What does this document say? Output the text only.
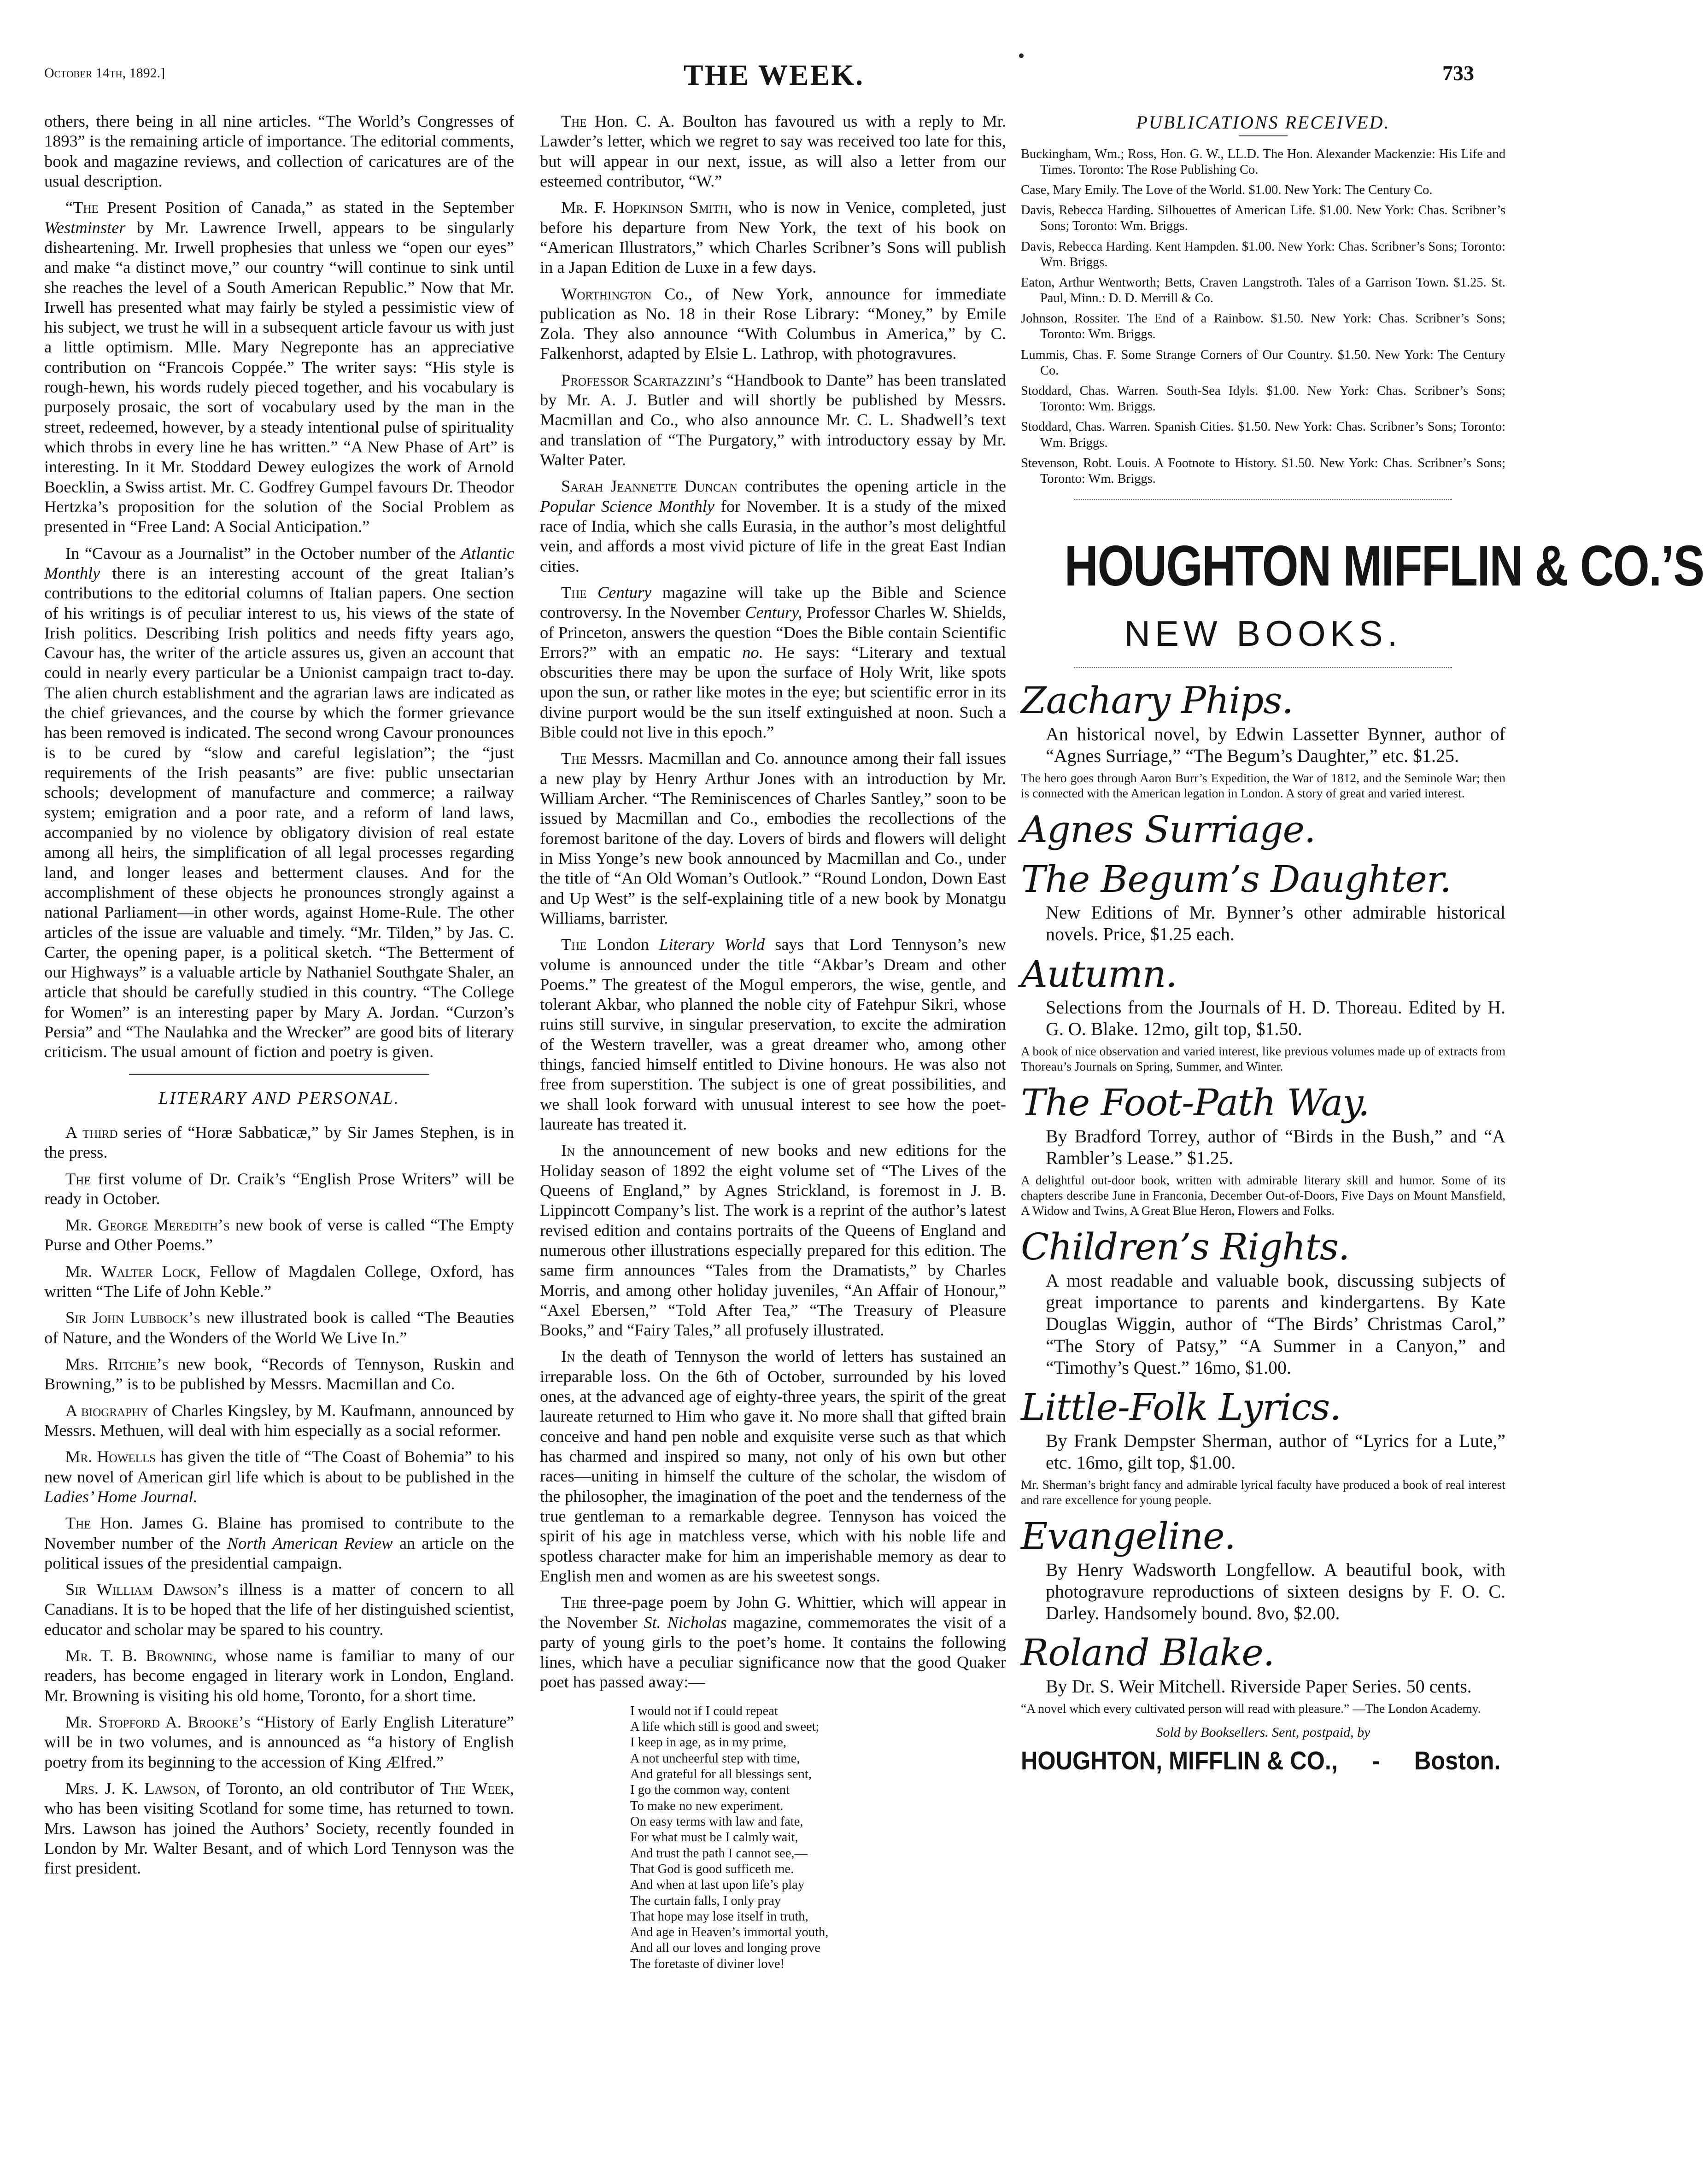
October 14th, 1892.]	THE WEEK.	733

others, there being in all nine articles. “The World’s Congresses of 1893” is the remaining article of importance. The editorial comments, book and magazine reviews, and collection of caricatures are of the usual description.

“The Present Position of Canada,” as stated in the September Westminster by Mr. Lawrence Irwell, appears to be singularly disheartening. Mr. Irwell prophesies that unless we “open our eyes” and make “a distinct move,” our country “will continue to sink until she reaches the level of a South American Republic.” Now that Mr. Irwell has presented what may fairly be styled a pessimistic view of his subject, we trust he will in a subsequent article favour us with just a little optimism. Mlle. Mary Negreponte has an appreciative contribution on “Francois Coppée.” The writer says: “His style is rough-hewn, his words rudely pieced together, and his vocabulary is purposely prosaic, the sort of vocabulary used by the man in the street, redeemed, however, by a steady intentional pulse of spirituality which throbs in every line he has written.” “A New Phase of Art” is interesting. In it Mr. Stoddard Dewey eulogizes the work of Arnold Boecklin, a Swiss artist. Mr. C. Godfrey Gumpel favours Dr. Theodor Hertzka’s proposition for the solution of the Social Problem as presented in “Free Land: A Social Anticipation.”

In “Cavour as a Journalist” in the October number of the Atlantic Monthly there is an interesting account of the great Italian’s contributions to the editorial columns of Italian papers. One section of his writings is of peculiar interest to us, his views of the state of Irish politics. Describing Irish politics and needs fifty years ago, Cavour has, the writer of the article assures us, given an account that could in nearly every particular be a Unionist campaign tract to-day. The alien church establishment and the agrarian laws are indicated as the chief grievances, and the course by which the former grievance has been removed is indicated. The second wrong Cavour pronounces is to be cured by “slow and careful legislation”; the “just requirements of the Irish peasants” are five: public unsectarian schools; development of manufacture and commerce; a railway system; emigration and a poor rate, and a reform of land laws, accompanied by no violence by obligatory division of real estate among all heirs, the simplification of all legal processes regarding land, and longer leases and betterment clauses. And for the accomplishment of these objects he pronounces strongly against a national Parliament—in other words, against Home-Rule. The other articles of the issue are valuable and timely. “Mr. Tilden,” by Jas. C. Carter, the opening paper, is a political sketch. “The Betterment of our Highways” is a valuable article by Nathaniel Southgate Shaler, an article that should be carefully studied in this country. “The College for Women” is an interesting paper by Mary A. Jordan. “Curzon’s Persia” and “The Naulahka and the Wrecker” are good bits of literary criticism. The usual amount of fiction and poetry is given.

LITERARY AND PERSONAL.

A third series of “Horæ Sabbaticæ,” by Sir James Stephen, is in the press.

The first volume of Dr. Craik’s “English Prose Writers” will be ready in October.

Mr. George Meredith’s new book of verse is called “The Empty Purse and Other Poems.”

Mr. Walter Lock, Fellow of Magdalen College, Oxford, has written “The Life of John Keble.”

Sir John Lubbock’s new illustrated book is called “The Beauties of Nature, and the Wonders of the World We Live In.”

Mrs. Ritchie’s new book, “Records of Tennyson, Ruskin and Browning,” is to be published by Messrs. Macmillan and Co.

A biography of Charles Kingsley, by M. Kaufmann, announced by Messrs. Methuen, will deal with him especially as a social reformer.

Mr. Howells has given the title of “The Coast of Bohemia” to his new novel of American girl life which is about to be published in the Ladies’ Home Journal.

The Hon. James G. Blaine has promised to contribute to the November number of the North American Review an article on the political issues of the presidential campaign.

Sir William Dawson’s illness is a matter of concern to all Canadians. It is to be hoped that the life of her distinguished scientist, educator and scholar may be spared to his country.

Mr. T. B. Browning, whose name is familiar to many of our readers, has become engaged in literary work in London, England. Mr. Browning is visiting his old home, Toronto, for a short time.

Mr. Stopford A. Brooke’s “History of Early English Literature” will be in two volumes, and is announced as “a history of English poetry from its beginning to the accession of King Ælfred.”

Mrs. J. K. Lawson, of Toronto, an old contributor of The Week, who has been visiting Scotland for some time, has returned to town. Mrs. Lawson has joined the Authors’ Society, recently founded in London by Mr. Walter Besant, and of which Lord Tennyson was the first president.

The Hon. C. A. Boulton has favoured us with a reply to Mr. Lawder’s letter, which we regret to say was received too late for this, but will appear in our next, issue, as will also a letter from our esteemed contributor, “W.”

Mr. F. Hopkinson Smith, who is now in Venice, completed, just before his departure from New York, the text of his book on “American Illustrators,” which Charles Scribner’s Sons will publish in a Japan Edition de Luxe in a few days.

Worthington Co., of New York, announce for immediate publication as No. 18 in their Rose Library: “Money,” by Emile Zola. They also announce “With Columbus in America,” by C. Falkenhorst, adapted by Elsie L. Lathrop, with photogravures.

Professor Scartazzini’s “Handbook to Dante” has been translated by Mr. A. J. Butler and will shortly be published by Messrs. Macmillan and Co., who also announce Mr. C. L. Shadwell’s text and translation of “The Purgatory,” with introductory essay by Mr. Walter Pater.

Sarah Jeannette Duncan contributes the opening article in the Popular Science Monthly for November. It is a study of the mixed race of India, which she calls Eurasia, in the author’s most delightful vein, and affords a most vivid picture of life in the great East Indian cities.

The Century magazine will take up the Bible and Science controversy. In the November Century, Professor Charles W. Shields, of Princeton, answers the question “Does the Bible contain Scientific Errors?” with an empatic no. He says: “Literary and textual obscurities there may be upon the surface of Holy Writ, like spots upon the sun, or rather like motes in the eye; but scientific error in its divine purport would be the sun itself extinguished at noon. Such a Bible could not live in this epoch.”

The Messrs. Macmillan and Co. announce among their fall issues a new play by Henry Arthur Jones with an introduction by Mr. William Archer. “The Reminiscences of Charles Santley,” soon to be issued by Macmillan and Co., embodies the recollections of the foremost baritone of the day. Lovers of birds and flowers will delight in Miss Yonge’s new book announced by Macmillan and Co., under the title of “An Old Woman’s Outlook.” “Round London, Down East and Up West” is the self-explaining title of a new book by Monatgu Williams, barrister.

The London Literary World says that Lord Tennyson’s new volume is announced under the title “Akbar’s Dream and other Poems.” The greatest of the Mogul emperors, the wise, gentle, and tolerant Akbar, who planned the noble city of Fatehpur Sikri, whose ruins still survive, in singular preservation, to excite the admiration of the Western traveller, was a great dreamer who, among other things, fancied himself entitled to Divine honours. He was also not free from superstition. The subject is one of great possibilities, and we shall look forward with unusual interest to see how the poet-laureate has treated it.

In the announcement of new books and new editions for the Holiday season of 1892 the eight volume set of “The Lives of the Queens of England,” by Agnes Strickland, is foremost in J. B. Lippincott Company’s list. The work is a reprint of the author’s latest revised edition and contains portraits of the Queens of England and numerous other illustrations especially prepared for this edition. The same firm announces “Tales from the Dramatists,” by Charles Morris, and among other holiday juveniles, “An Affair of Honour,” “Axel Ebersen,” “Told After Tea,” “The Treasury of Pleasure Books,” and “Fairy Tales,” all profusely illustrated.

In the death of Tennyson the world of letters has sustained an irreparable loss. On the 6th of October, surrounded by his loved ones, at the advanced age of eighty-three years, the spirit of the great laureate returned to Him who gave it. No more shall that gifted brain conceive and hand pen noble and exquisite verse such as that which has charmed and inspired so many, not only of his own but other races—uniting in himself the culture of the scholar, the wisdom of the philosopher, the imagination of the poet and the tenderness of the true gentleman to a remarkable degree. Tennyson has voiced the spirit of his age in matchless verse, which with his noble life and spotless character make for him an imperishable memory as dear to English men and women as are his sweetest songs.

The three-page poem by John G. Whittier, which will appear in the November St. Nicholas magazine, commemorates the visit of a party of young girls to the poet’s home. It contains the following lines, which have a peculiar significance now that the good Quaker poet has passed away:—

I would not if I could repeat
A life which still is good and sweet;
I keep in age, as in my prime,
A not uncheerful step with time,
And grateful for all blessings sent,
I go the common way, content
To make no new experiment.
On easy terms with law and fate,
For what must be I calmly wait,
And trust the path I cannot see,—
That God is good sufficeth me.
And when at last upon life’s play
The curtain falls, I only pray
That hope may lose itself in truth,
And age in Heaven’s immortal youth,
And all our loves and longing prove
The foretaste of diviner love!
PUBLICATIONS RECEIVED.
Buckingham, Wm.; Ross, Hon. G. W., LL.D. The Hon. Alexander Mackenzie: His Life and Times. Toronto: The Rose Publishing Co.
Case, Mary Emily. The Love of the World. $1.00. New York: The Century Co.
Davis, Rebecca Harding. Silhouettes of American Life. $1.00. New York: Chas. Scribner’s Sons; Toronto: Wm. Briggs.
Davis, Rebecca Harding. Kent Hampden. $1.00. New York: Chas. Scribner’s Sons; Toronto: Wm. Briggs.
Eaton, Arthur Wentworth; Betts, Craven Langstroth. Tales of a Garrison Town. $1.25. St. Paul, Minn.: D. D. Merrill & Co.
Johnson, Rossiter. The End of a Rainbow. $1.50. New York: Chas. Scribner’s Sons; Toronto: Wm. Briggs.
Lummis, Chas. F. Some Strange Corners of Our Country. $1.50. New York: The Century Co.
Stoddard, Chas. Warren. South-Sea Idyls. $1.00. New York: Chas. Scribner’s Sons; Toronto: Wm. Briggs.
Stoddard, Chas. Warren. Spanish Cities. $1.50. New York: Chas. Scribner’s Sons; Toronto: Wm. Briggs.
Stevenson, Robt. Louis. A Footnote to History. $1.50. New York: Chas. Scribner’s Sons; Toronto: Wm. Briggs.
HOUGHTON MIFFLIN & CO.’S
NEW BOOKS.
Zachary Phips.
An historical novel, by Edwin Lassetter Bynner, author of “Agnes Surriage,” “The Begum’s Daughter,” etc. $1.25.
The hero goes through Aaron Burr’s Expedition, the War of 1812, and the Seminole War; then is connected with the American legation in London. A story of great and varied interest.
Agnes Surriage.
The Begum’s Daughter.
New Editions of Mr. Bynner’s other admirable historical novels. Price, $1.25 each.
Autumn.
Selections from the Journals of H. D. Thoreau. Edited by H. G. O. Blake. 12mo, gilt top, $1.50.
A book of nice observation and varied interest, like previous volumes made up of extracts from Thoreau’s Journals on Spring, Summer, and Winter.
The Foot-Path Way.
By Bradford Torrey, author of “Birds in the Bush,” and “A Rambler’s Lease.” $1.25.
A delightful out-door book, written with admirable literary skill and humor. Some of its chapters describe June in Franconia, December Out-of-Doors, Five Days on Mount Mansfield, A Widow and Twins, A Great Blue Heron, Flowers and Folks.
Children’s Rights.
A most readable and valuable book, discussing subjects of great importance to parents and kindergartens. By Kate Douglas Wiggin, author of “The Birds’ Christmas Carol,” “The Story of Patsy,” “A Summer in a Canyon,” and “Timothy’s Quest.” 16mo, $1.00.
Little-Folk Lyrics.
By Frank Dempster Sherman, author of “Lyrics for a Lute,” etc. 16mo, gilt top, $1.00.
Mr. Sherman’s bright fancy and admirable lyrical faculty have produced a book of real interest and rare excellence for young people.
Evangeline.
By Henry Wadsworth Longfellow. A beautiful book, with photogravure reproductions of sixteen designs by F. O. C. Darley. Handsomely bound. 8vo, $2.00.
Roland Blake.
By Dr. S. Weir Mitchell. Riverside Paper Series. 50 cents.
“A novel which every cultivated person will read with pleasure.” —The London Academy.
Sold by Booksellers. Sent, postpaid, by
HOUGHTON, MIFFLIN & CO., - Boston.
